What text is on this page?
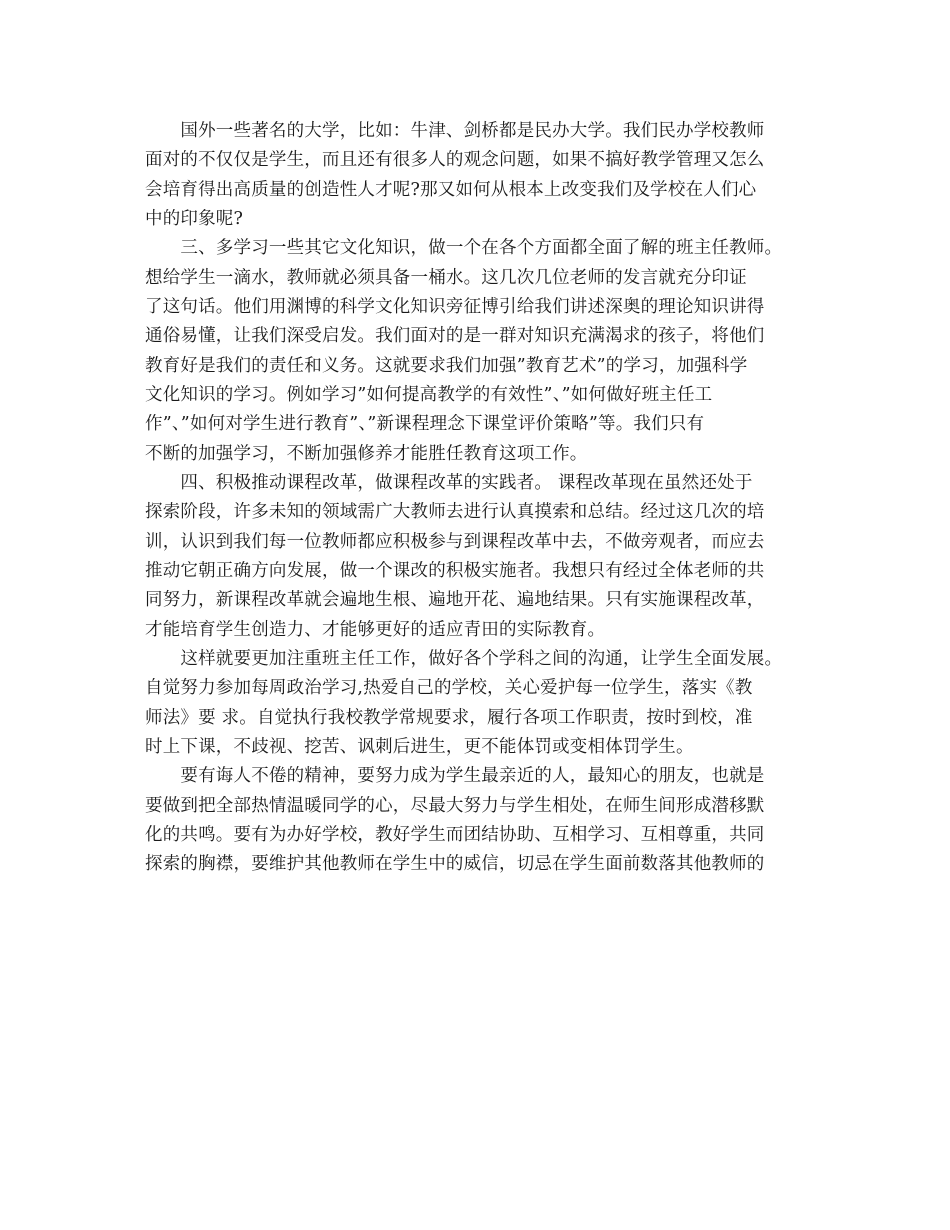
　　国外一些著名的大学，比如：牛津、剑桥都是民办大学。我们民办学校教师
面对的不仅仅是学生，而且还有很多人的观念问题，如果不搞好教学管理又怎么
会培育得出高质量的创造性人才呢?那又如何从根本上改变我们及学校在人们心
中的印象呢?
　　三、多学习一些其它文化知识，做一个在各个方面都全面了解的班主任教师。
想给学生一滴水，教师就必须具备一桶水。这几次几位老师的发言就充分印证
了这句话。他们用渊博的科学文化知识旁征博引给我们讲述深奥的理论知识讲得
通俗易懂，让我们深受启发。我们面对的是一群对知识充满渴求的孩子，将他们
教育好是我们的责任和义务。这就要求我们加强”教育艺术”的学习，加强科学
文化知识的学习。例如学习”如何提高教学的有效性”、”如何做好班主任工
作”、”如何对学生进行教育”、”新课程理念下课堂评价策略”等。我们只有
不断的加强学习，不断加强修养才能胜任教育这项工作。
　　四、积极推动课程改革，做课程改革的实践者。 课程改革现在虽然还处于
探索阶段，许多未知的领域需广大教师去进行认真摸索和总结。经过这几次的培
训，认识到我们每一位教师都应积极参与到课程改革中去，不做旁观者，而应去
推动它朝正确方向发展，做一个课改的积极实施者。我想只有经过全体老师的共
同努力，新课程改革就会遍地生根、遍地开花、遍地结果。只有实施课程改革，
才能培育学生创造力、才能够更好的适应青田的实际教育。
　　这样就要更加注重班主任工作，做好各个学科之间的沟通，让学生全面发展。
自觉努力参加每周政治学习,热爱自己的学校，关心爱护每一位学生，落实《教
师法》要 求。自觉执行我校教学常规要求，履行各项工作职责，按时到校，准
时上下课，不歧视、挖苦、讽刺后进生，更不能体罚或变相体罚学生。
　　要有诲人不倦的精神，要努力成为学生最亲近的人，最知心的朋友，也就是
要做到把全部热情温暖同学的心，尽最大努力与学生相处，在师生间形成潜移默
化的共鸣。要有为办好学校，教好学生而团结协助、互相学习、互相尊重，共同
探索的胸襟，要维护其他教师在学生中的威信，切忌在学生面前数落其他教师的
